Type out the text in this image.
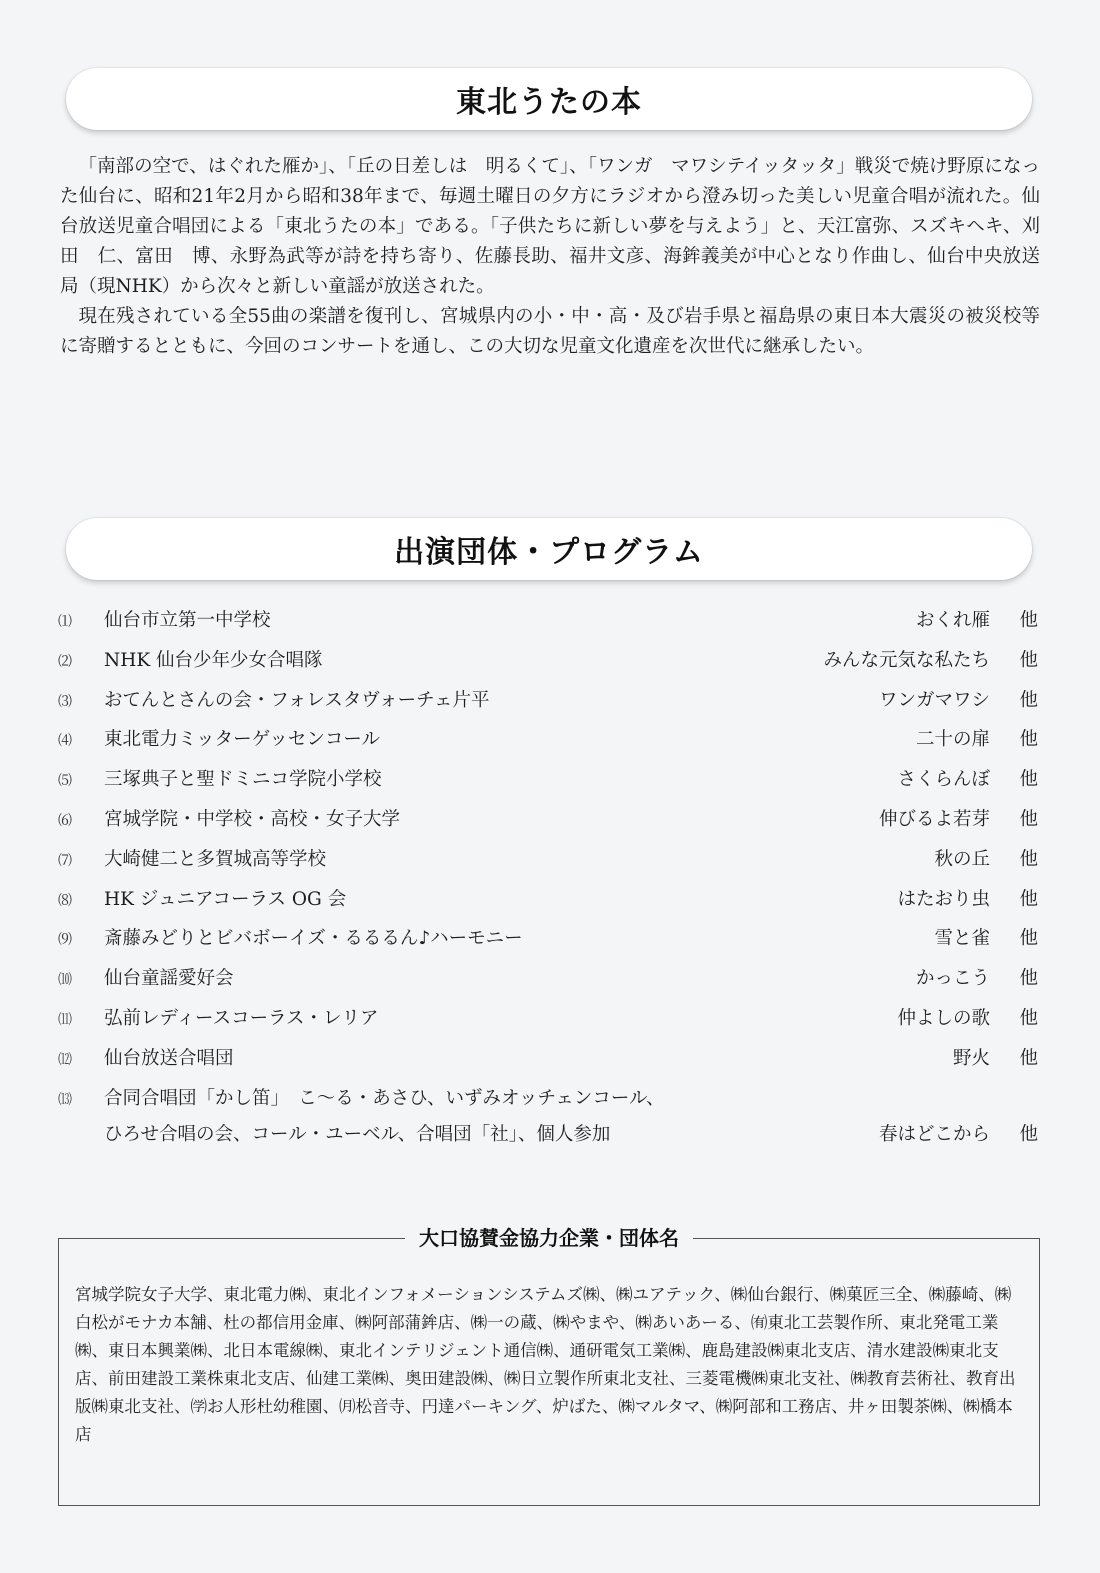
東北うたの本

「南部の空で、はぐれた雁か」、「丘の日差しは　明るくて」、「ワンガ　マワシテイッタッタ」戦災で焼け野原になった仙台に、昭和21年2月から昭和38年まで、毎週土曜日の夕方にラジオから澄み切った美しい児童合唱が流れた。仙台放送児童合唱団による「東北うたの本」である。「子供たちに新しい夢を与えよう」と、天江富弥、スズキヘキ、刈田　仁、富田　博、永野為武等が詩を持ち寄り、佐藤長助、福井文彦、海鉾義美が中心となり作曲し、仙台中央放送局（現NHK）から次々と新しい童謡が放送された。

現在残されている全55曲の楽譜を復刊し、宮城県内の小・中・高・及び岩手県と福島県の東日本大震災の被災校等に寄贈するとともに、今回のコンサートを通し、この大切な児童文化遺産を次世代に継承したい。

出演団体・プログラム
⑴	仙台市立第一中学校	おくれ雁	他
⑵	NHK 仙台少年少女合唱隊	みんな元気な私たち	他
⑶	おてんとさんの会・フォレスタヴォーチェ片平	ワンガマワシ	他
⑷	東北電力ミッターゲッセンコール	二十の扉	他
⑸	三塚典子と聖ドミニコ学院小学校	さくらんぼ	他
⑹	宮城学院・中学校・高校・女子大学	伸びるよ若芽	他
⑺	大崎健二と多賀城高等学校	秋の丘	他
⑻	HK ジュニアコーラス OG 会	はたおり虫	他
⑼	斎藤みどりとビバボーイズ・るるるん♪ハーモニー	雪と雀	他
⑽	仙台童謡愛好会	かっこう	他
⑾	弘前レディースコーラス・レリア	仲よしの歌	他
⑿	仙台放送合唱団	野火	他
⒀	合同合唱団「かし笛」　こ〜る・あさひ、いずみオッチェンコール、
ひろせ合唱の会、コール・ユーベル、合唱団「社」、個人参加	春はどこから	他
大口協賛金協力企業・団体名
宮城学院女子大学、東北電力㈱、東北インフォメーションシステムズ㈱、㈱ユアテック、㈱仙台銀行、㈱菓匠三全、㈱藤崎、㈱白松がモナカ本舗、杜の都信用金庫、㈱阿部蒲鉾店、㈱一の蔵、㈱やまや、㈱あいあーる、㈲東北工芸製作所、東北発電工業㈱、東日本興業㈱、北日本電線㈱、東北インテリジェント通信㈱、通研電気工業㈱、鹿島建設㈱東北支店、清水建設㈱東北支店、前田建設工業株東北支店、仙建工業㈱、奥田建設㈱、㈱日立製作所東北支社、三菱電機㈱東北支社、㈱教育芸術社、教育出版㈱東北支社、㈻お人形杜幼稚園、㈪松音寺、円達パーキング、炉ばた、㈱マルタマ、㈱阿部和工務店、井ヶ田製茶㈱、㈱橋本店
